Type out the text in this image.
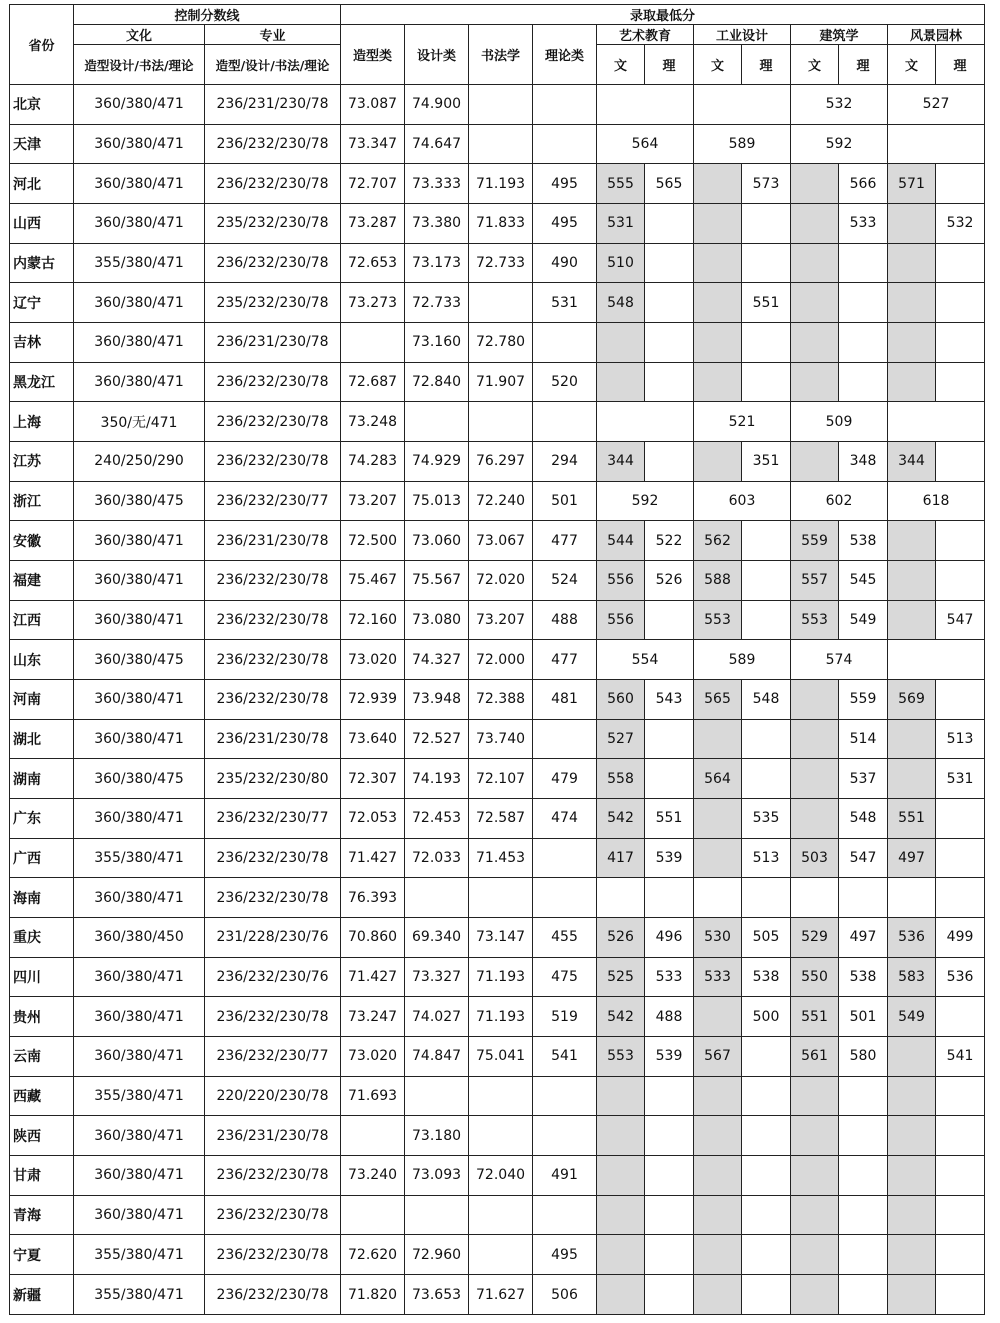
省份	控制分数线		录取最低分											
	文化	专业	造型类	设计类	书法学	理论类	艺术教育		工业设计		建筑学		风景园林	
	造型设计/书法/理论	造型/设计/书法/理论					文	理	文	理	文	理	文	理
北京	360/380/471	236/231/230/78	73.087	74.900							532		527	
天津	360/380/471	236/232/230/78	73.347	74.647			564		589		592			
河北	360/380/471	236/232/230/78	72.707	73.333	71.193	495	555	565		573		566	571	
山西	360/380/471	235/232/230/78	73.287	73.380	71.833	495	531					533		532
内蒙古	355/380/471	236/232/230/78	72.653	73.173	72.733	490	510							
辽宁	360/380/471	235/232/230/78	73.273	72.733		531	548			551				
吉林	360/380/471	236/231/230/78		73.160	72.780									
黑龙江	360/380/471	236/232/230/78	72.687	72.840	71.907	520								
上海	350/无/471	236/232/230/78	73.248						521		509			
江苏	240/250/290	236/232/230/78	74.283	74.929	76.297	294	344			351		348	344	
浙江	360/380/475	236/232/230/77	73.207	75.013	72.240	501	592		603		602		618	
安徽	360/380/471	236/231/230/78	72.500	73.060	73.067	477	544	522	562		559	538		
福建	360/380/471	236/232/230/78	75.467	75.567	72.020	524	556	526	588		557	545		
江西	360/380/471	236/232/230/78	72.160	73.080	73.207	488	556		553		553	549		547
山东	360/380/475	236/232/230/78	73.020	74.327	72.000	477	554		589		574			
河南	360/380/471	236/232/230/78	72.939	73.948	72.388	481	560	543	565	548		559	569	
湖北	360/380/471	236/231/230/78	73.640	72.527	73.740		527					514		513
湖南	360/380/475	235/232/230/80	72.307	74.193	72.107	479	558		564			537		531
广东	360/380/471	236/232/230/77	72.053	72.453	72.587	474	542	551		535		548	551	
广西	355/380/471	236/232/230/78	71.427	72.033	71.453		417	539		513	503	547	497	
海南	360/380/471	236/232/230/78	76.393											
重庆	360/380/450	231/228/230/76	70.860	69.340	73.147	455	526	496	530	505	529	497	536	499
四川	360/380/471	236/232/230/76	71.427	73.327	71.193	475	525	533	533	538	550	538	583	536
贵州	360/380/471	236/232/230/78	73.247	74.027	71.193	519	542	488		500	551	501	549	
云南	360/380/471	236/232/230/77	73.020	74.847	75.041	541	553	539	567		561	580		541
西藏	355/380/471	220/220/230/78	71.693											
陕西	360/380/471	236/231/230/78		73.180										
甘肃	360/380/471	236/232/230/78	73.240	73.093	72.040	491								
青海	360/380/471	236/232/230/78												
宁夏	355/380/471	236/232/230/78	72.620	72.960		495								
新疆	355/380/471	236/232/230/78	71.820	73.653	71.627	506								
